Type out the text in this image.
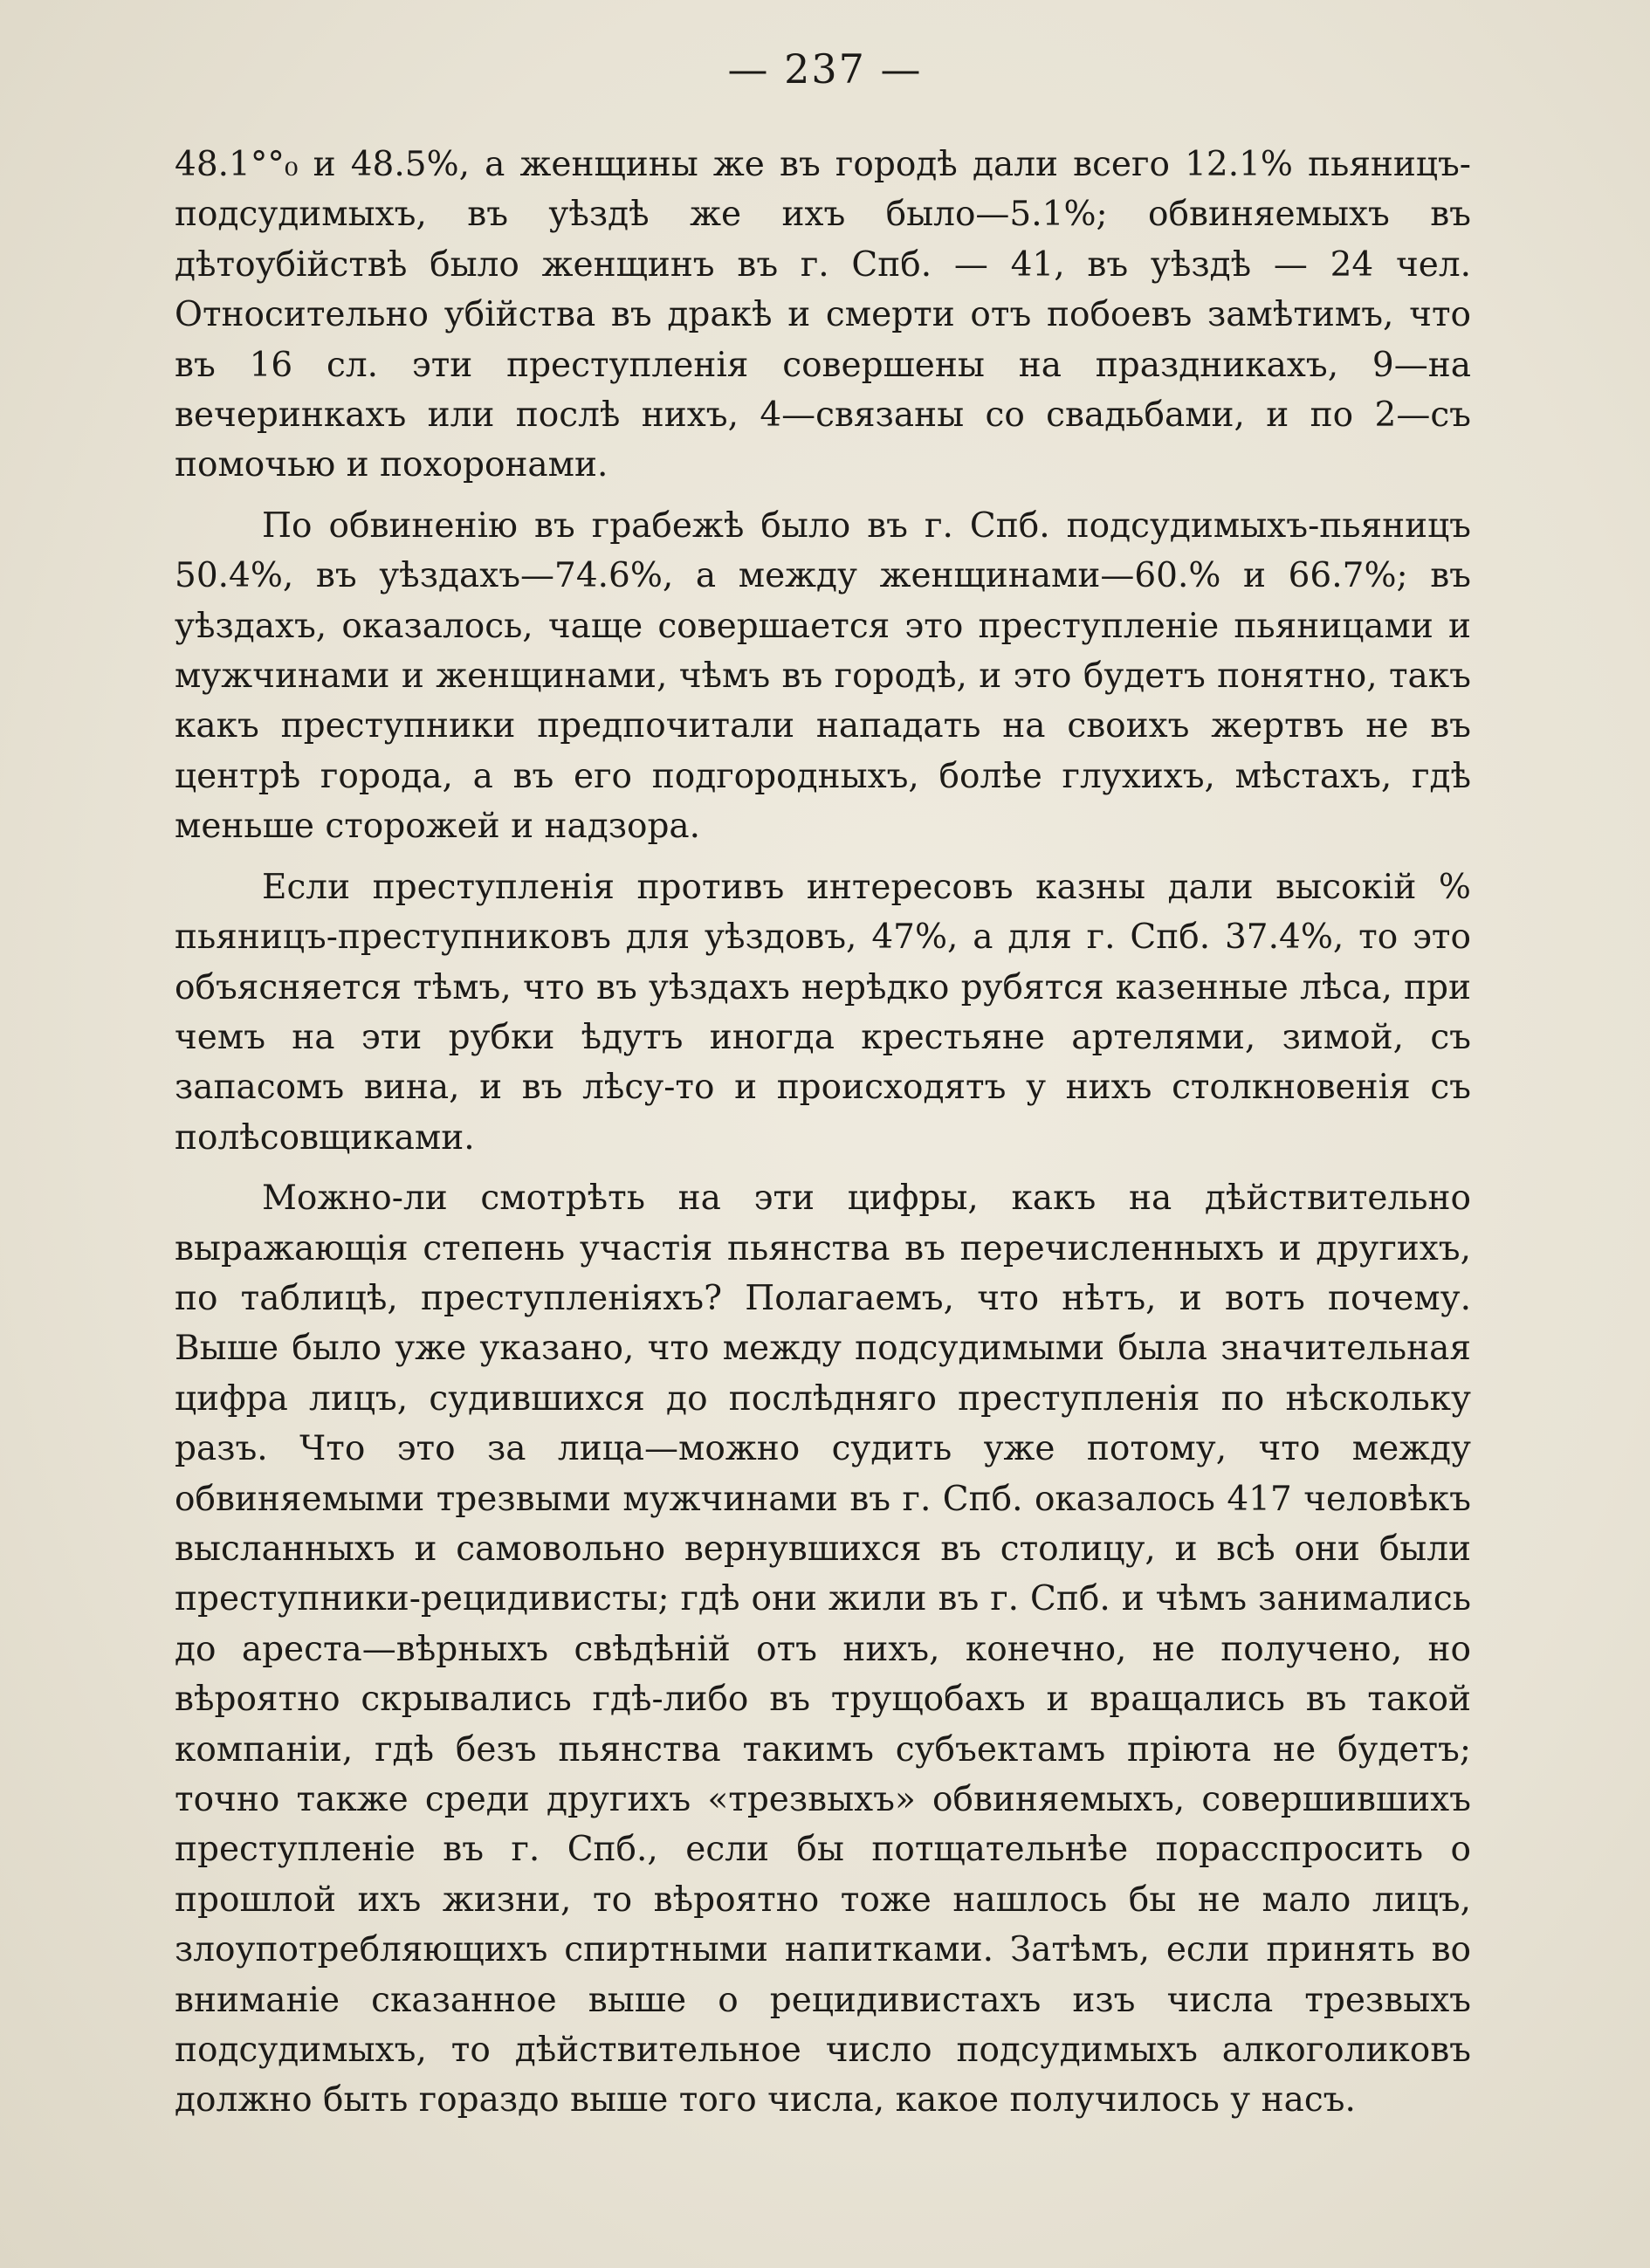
— 237 —

48.1°°₀ и 48.5%, а женщины же въ городѣ дали всего 12.1% пьяницъ-подсудимыхъ, въ уѣздѣ же ихъ было—5.1%; обвиняемыхъ въ дѣтоубійствѣ было женщинъ въ г. Спб. — 41, въ уѣздѣ — 24 чел. Относительно убійства въ дракѣ и смерти отъ побоевъ замѣтимъ, что въ 16 сл. эти преступленія совершены на праздникахъ, 9—на вечеринкахъ или послѣ нихъ, 4—связаны со свадьбами, и по 2—съ помочью и похоронами.

По обвиненію въ грабежѣ было въ г. Спб. подсудимыхъ-пьяницъ 50.4%, въ уѣздахъ—74.6%, а между женщинами—60.% и 66.7%; въ уѣздахъ, оказалось, чаще совершается это преступленіе пьяницами и мужчинами и женщинами, чѣмъ въ городѣ, и это будетъ понятно, такъ какъ преступники предпочитали нападать на своихъ жертвъ не въ центрѣ города, а въ его подгородныхъ, болѣе глухихъ, мѣстахъ, гдѣ меньше сторожей и надзора.

Если преступленія противъ интересовъ казны дали высокій % пьяницъ-преступниковъ для уѣздовъ, 47%, а для г. Спб. 37.4%, то это объясняется тѣмъ, что въ уѣздахъ нерѣдко рубятся казенные лѣса, при чемъ на эти рубки ѣдутъ иногда крестьяне артелями, зимой, съ запасомъ вина, и въ лѣсу-то и происходятъ у нихъ столкновенія съ полѣсовщиками.

Можно-ли смотрѣть на эти цифры, какъ на дѣйствительно выражающія степень участія пьянства въ перечисленныхъ и другихъ, по таблицѣ, преступленіяхъ? Полагаемъ, что нѣтъ, и вотъ почему. Выше было уже указано, что между подсудимыми была значительная цифра лицъ, судившихся до послѣдняго преступленія по нѣскольку разъ. Что это за лица—можно судить уже потому, что между обвиняемыми трезвыми мужчинами въ г. Спб. оказалось 417 человѣкъ высланныхъ и самовольно вернувшихся въ столицу, и всѣ они были преступники-рецидивисты; гдѣ они жили въ г. Спб. и чѣмъ занимались до ареста—вѣрныхъ свѣдѣній отъ нихъ, конечно, не получено, но вѣроятно скрывались гдѣ-либо въ трущобахъ и вращались въ такой компаніи, гдѣ безъ пьянства такимъ субъектамъ пріюта не будетъ; точно также среди другихъ «трезвыхъ» обвиняемыхъ, совершившихъ преступленіе въ г. Спб., если бы потщательнѣе порасспросить о прошлой ихъ жизни, то вѣроятно тоже нашлось бы не мало лицъ, злоупотребляющихъ спиртными напитками. Затѣмъ, если принять во вниманіе сказанное выше о рецидивистахъ изъ числа трезвыхъ подсудимыхъ, то дѣйствительное число подсудимыхъ алкоголиковъ должно быть гораздо выше того числа, какое получилось у насъ.
